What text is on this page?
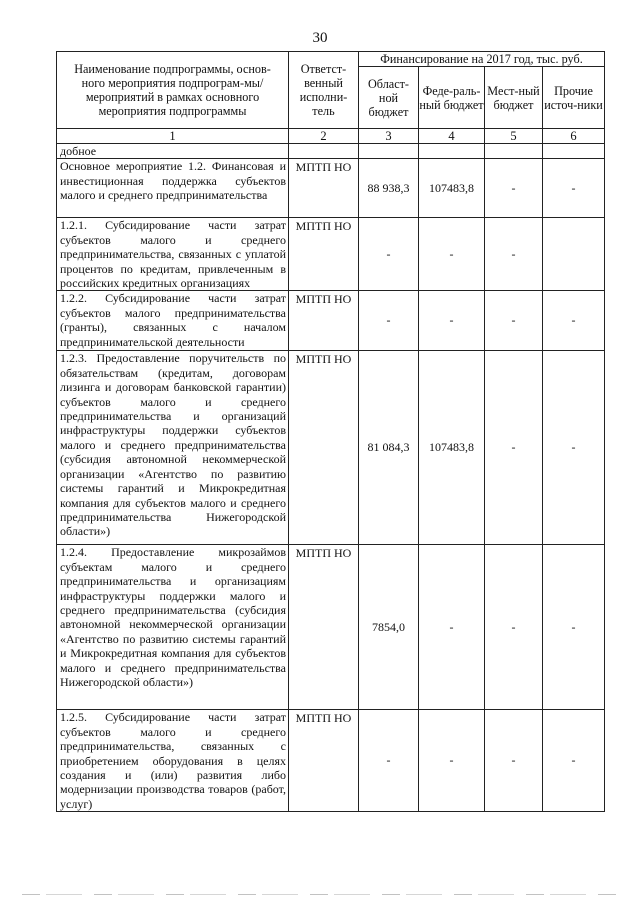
30
Наименование подпрограммы, основ-ного мероприятия подпрограм-мы/мероприятий в рамках основного мероприятия подпрограммы	Ответст-венный исполни-тель	Финансирование на 2017 год, тыс. руб.			
		Област-ной бюджет	Феде-раль-ный бюджет	Мест-ный бюджет	Прочие источ-ники
1	2	3	4	5	6
добное					
Основное мероприятие 1.2. Финансовая и инвестиционная поддержка субъектов малого и среднего предпринимательства	МПТП НО	88 938,3	107483,8	-	-
1.2.1. Субсидирование части затрат субъектов малого и среднего предпринимательства, связанных с уплатой процентов по кредитам, привлеченным в российских кредитных организациях	МПТП НО	-	-	-	
1.2.2. Субсидирование части затрат субъектов малого предпринимательства (гранты), связанных с началом предпринимательской деятельности	МПТП НО	-	-	-	-
1.2.3. Предоставление поручительств по обязательствам (кредитам, договорам лизинга и договорам банковской гарантии) субъектов малого и среднего предпринимательства и организаций инфраструктуры поддержки субъектов малого и среднего предпринимательства (субсидия автономной некоммерческой организации «Агентство по развитию системы гарантий и Микрокредитная компания для субъектов малого и среднего предпринимательства Нижегородской области»)	МПТП НО	81 084,3	107483,8	-	-
1.2.4. Предоставление микрозаймов субъектам малого и среднего предпринимательства и организациям инфраструктуры поддержки малого и среднего предпринимательства (субсидия автономной некоммерческой организации «Агентство по развитию системы гарантий и Микрокредитная компания для субъектов малого и среднего предпринимательства Нижегородской области»)	МПТП НО	7854,0	-	-	-
1.2.5. Субсидирование части затрат субъектов малого и среднего предпринимательства, связанных с приобретением оборудования в целях создания и (или) развития либо модернизации производства товаров (работ, услуг)	МПТП НО	-	-	-	-
